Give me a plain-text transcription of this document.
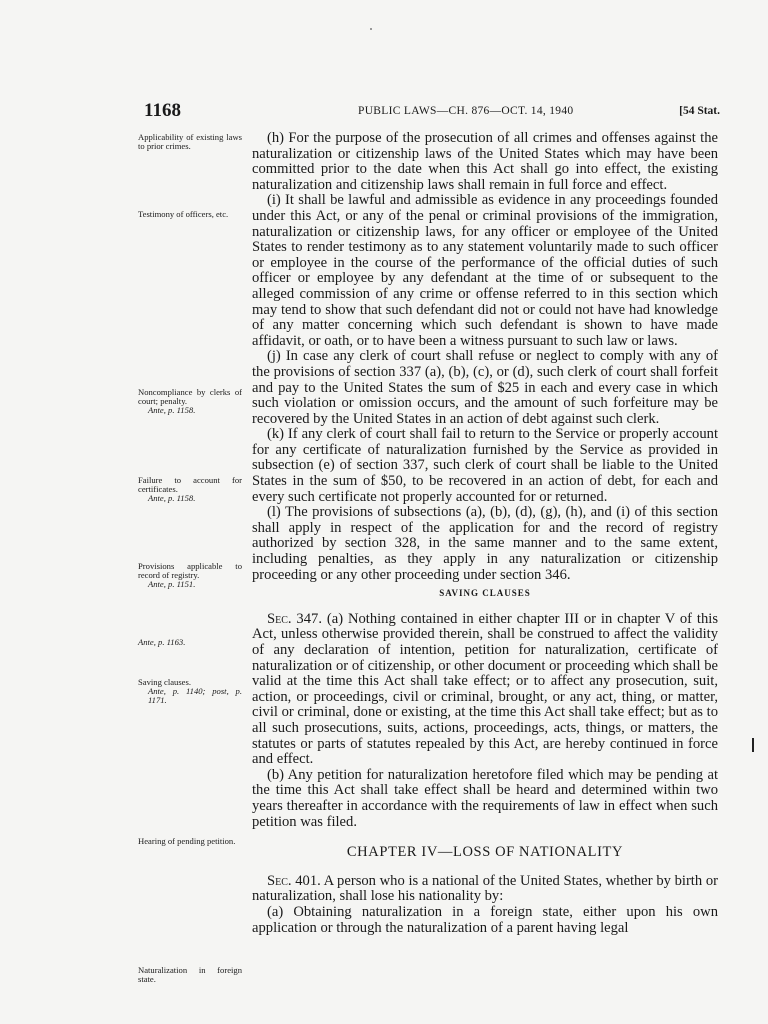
1168	PUBLIC LAWS—CH. 876—OCT. 14, 1940	[54 Stat.
Applicability of existing laws to prior crimes.
Testimony of officers, etc.
Noncompliance by clerks of court; penalty.
Ante, p. 1158.
Failure to account for certificates.
Ante, p. 1158.
Provisions applicable to record of registry.
Ante, p. 1151.
Ante, p. 1163.
Saving clauses.
Ante, p. 1140; post, p. 1171.
Hearing of pending petition.
Naturalization in foreign state.

(h) For the purpose of the prosecution of all crimes and offenses against the naturalization or citizenship laws of the United States which may have been committed prior to the date when this Act shall go into effect, the existing naturalization and citizenship laws shall remain in full force and effect.

(i) It shall be lawful and admissible as evidence in any proceedings founded under this Act, or any of the penal or criminal provisions of the immigration, naturalization or citizenship laws, for any officer or employee of the United States to render testimony as to any statement voluntarily made to such officer or employee in the course of the performance of the official duties of such officer or employee by any defendant at the time of or subsequent to the alleged commission of any crime or offense referred to in this section which may tend to show that such defendant did not or could not have had knowledge of any matter concerning which such defendant is shown to have made affidavit, or oath, or to have been a witness pursuant to such law or laws.

(j) In case any clerk of court shall refuse or neglect to comply with any of the provisions of section 337 (a), (b), (c), or (d), such clerk of court shall forfeit and pay to the United States the sum of $25 in each and every case in which such violation or omission occurs, and the amount of such forfeiture may be recovered by the United States in an action of debt against such clerk.

(k) If any clerk of court shall fail to return to the Service or properly account for any certificate of naturalization furnished by the Service as provided in subsection (e) of section 337, such clerk of court shall be liable to the United States in the sum of $50, to be recovered in an action of debt, for each and every such certificate not properly accounted for or returned.

(l) The provisions of subsections (a), (b), (d), (g), (h), and (i) of this section shall apply in respect of the application for and the record of registry authorized by section 328, in the same manner and to the same extent, including penalties, as they apply in any naturalization or citizenship proceeding or any other proceeding under section 346.

SAVING CLAUSES

Sec. 347. (a) Nothing contained in either chapter III or in chapter V of this Act, unless otherwise provided therein, shall be construed to affect the validity of any declaration of intention, petition for naturalization, certificate of naturalization or of citizenship, or other document or proceeding which shall be valid at the time this Act shall take effect; or to affect any prosecution, suit, action, or proceedings, civil or criminal, brought, or any act, thing, or matter, civil or criminal, done or existing, at the time this Act shall take effect; but as to all such prosecutions, suits, actions, proceedings, acts, things, or matters, the statutes or parts of statutes repealed by this Act, are hereby continued in force and effect.

(b) Any petition for naturalization heretofore filed which may be pending at the time this Act shall take effect shall be heard and determined within two years thereafter in accordance with the requirements of law in effect when such petition was filed.

CHAPTER IV—LOSS OF NATIONALITY

Sec. 401. A person who is a national of the United States, whether by birth or naturalization, shall lose his nationality by:

(a) Obtaining naturalization in a foreign state, either upon his own application or through the naturalization of a parent having legal
